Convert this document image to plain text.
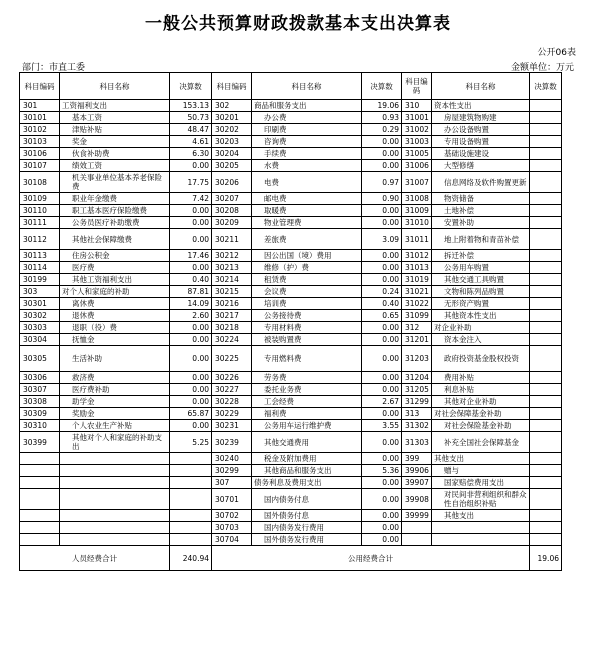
一般公共预算财政拨款基本支出决算表
公开06表
部门：市直工委	金额单位：万元
科目编码	科目名称	决算数	科目编码	科目名称	决算数	科目编码	科目名称	决算数
301	工资福利支出	153.13	302	商品和服务支出	19.06	310	资本性支出	
30101	基本工资	50.73	30201	办公费	0.93	31001	房屋建筑物购建	
30102	津贴补贴	48.47	30202	印刷费	0.29	31002	办公设备购置	
30103	奖金	4.61	30203	咨询费	0.00	31003	专用设备购置	
30106	伙食补助费	6.30	30204	手续费	0.00	31005	基础设施建设	
30107	绩效工资	0.00	30205	水费	0.00	31006	大型修缮	
30108	机关事业单位基本养老保险费	17.75	30206	电费	0.97	31007	信息网络及软件购置更新	
30109	职业年金缴费	7.42	30207	邮电费	0.90	31008	物资储备	
30110	职工基本医疗保险缴费	0.00	30208	取暖费	0.00	31009	土地补偿	
30111	公务员医疗补助缴费	0.00	30209	物业管理费	0.00	31010	安置补助	
30112	其他社会保障缴费	0.00	30211	差旅费	3.09	31011	地上附着物和青苗补偿	
30113	住房公积金	17.46	30212	因公出国（境）费用	0.00	31012	拆迁补偿	
30114	医疗费	0.00	30213	维修（护）费	0.00	31013	公务用车购置	
30199	其他工资福利支出	0.40	30214	租赁费	0.00	31019	其他交通工具购置	
303	对个人和家庭的补助	87.81	30215	会议费	0.24	31021	文物和陈列品购置	
30301	离休费	14.09	30216	培训费	0.40	31022	无形资产购置	
30302	退休费	2.60	30217	公务接待费	0.65	31099	其他资本性支出	
30303	退职（役）费	0.00	30218	专用材料费	0.00	312	对企业补助	
30304	抚恤金	0.00	30224	被装购置费	0.00	31201	资本金注入	
30305	生活补助	0.00	30225	专用燃料费	0.00	31203	政府投资基金股权投资	
30306	救济费	0.00	30226	劳务费	0.00	31204	费用补贴	
30307	医疗费补助	0.00	30227	委托业务费	0.00	31205	利息补贴	
30308	助学金	0.00	30228	工会经费	2.67	31299	其他对企业补助	
30309	奖励金	65.87	30229	福利费	0.00	313	对社会保障基金补助	
30310	个人农业生产补贴	0.00	30231	公务用车运行维护费	3.55	31302	对社会保险基金补助	
30399	其他对个人和家庭的补助支出	5.25	30239	其他交通费用	0.00	31303	补充全国社会保障基金	
			30240	税金及附加费用	0.00	399	其他支出	
			30299	其他商品和服务支出	5.36	39906	赠与	
			307	债务利息及费用支出	0.00	39907	国家赔偿费用支出	
			30701	国内债务付息	0.00	39908	对民间非营利组织和群众性自治组织补贴	
			30702	国外债务付息	0.00	39999	其他支出	
			30703	国内债务发行费用	0.00			
			30704	国外债务发行费用	0.00			
人员经费合计		240.94	公用经费合计					19.06
